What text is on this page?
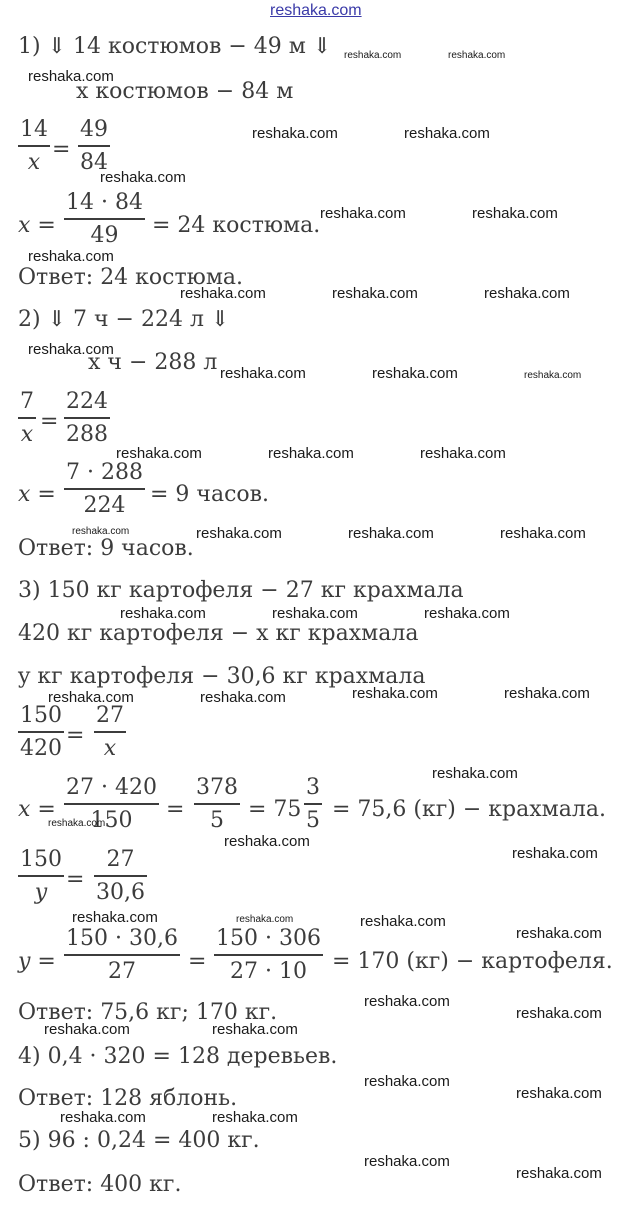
reshaka.com
1) ⇓ 14 костюмов − 49 м ⇓
x костюмов − 84 м
14
x =
49
84
x =
14 · 84
49 = 24 костюма.
Ответ: 24 костюма.
2) ⇓ 7 ч − 224 л ⇓
x ч − 288 л
7
x =
224
288
x =
7 · 288
224 = 9 часов.
Ответ: 9 часов.
3) 150 кг картофеля − 27 кг крахмала
420 кг картофеля − x кг крахмала
y кг картофеля − 30,6 кг крахмала
150
420 =
27
x
x =
27 · 420
150 =
378
5 = 75
3
5 = 75,6 (кг) − крахмала.
150
y =
27
30,6
y =
150 · 30,6
27 =
150 · 306
27 · 10 = 170 (кг) − картофеля.
Ответ: 75,6 кг; 170 кг.
4) 0,4 · 320 = 128 деревьев.
Ответ: 128 яблонь.
5) 96 : 0,24 = 400 кг.
Ответ: 400 кг.
reshaka.com	reshaka.com
reshaka.com
reshaka.com	reshaka.com
reshaka.com
reshaka.com	reshaka.com
reshaka.com
reshaka.com	reshaka.com	reshaka.com
reshaka.com
reshaka.com	reshaka.com	reshaka.com
reshaka.com	reshaka.com	reshaka.com
reshaka.com	reshaka.com	reshaka.com	reshaka.com
reshaka.com	reshaka.com	reshaka.com
reshaka.com	reshaka.com	reshaka.com	reshaka.com
reshaka.com
reshaka.com
reshaka.com
reshaka.com
reshaka.com	reshaka.com	reshaka.com
reshaka.com
reshaka.com
reshaka.com
reshaka.com	reshaka.com
reshaka.com
reshaka.com
reshaka.com	reshaka.com
reshaka.com
reshaka.com
